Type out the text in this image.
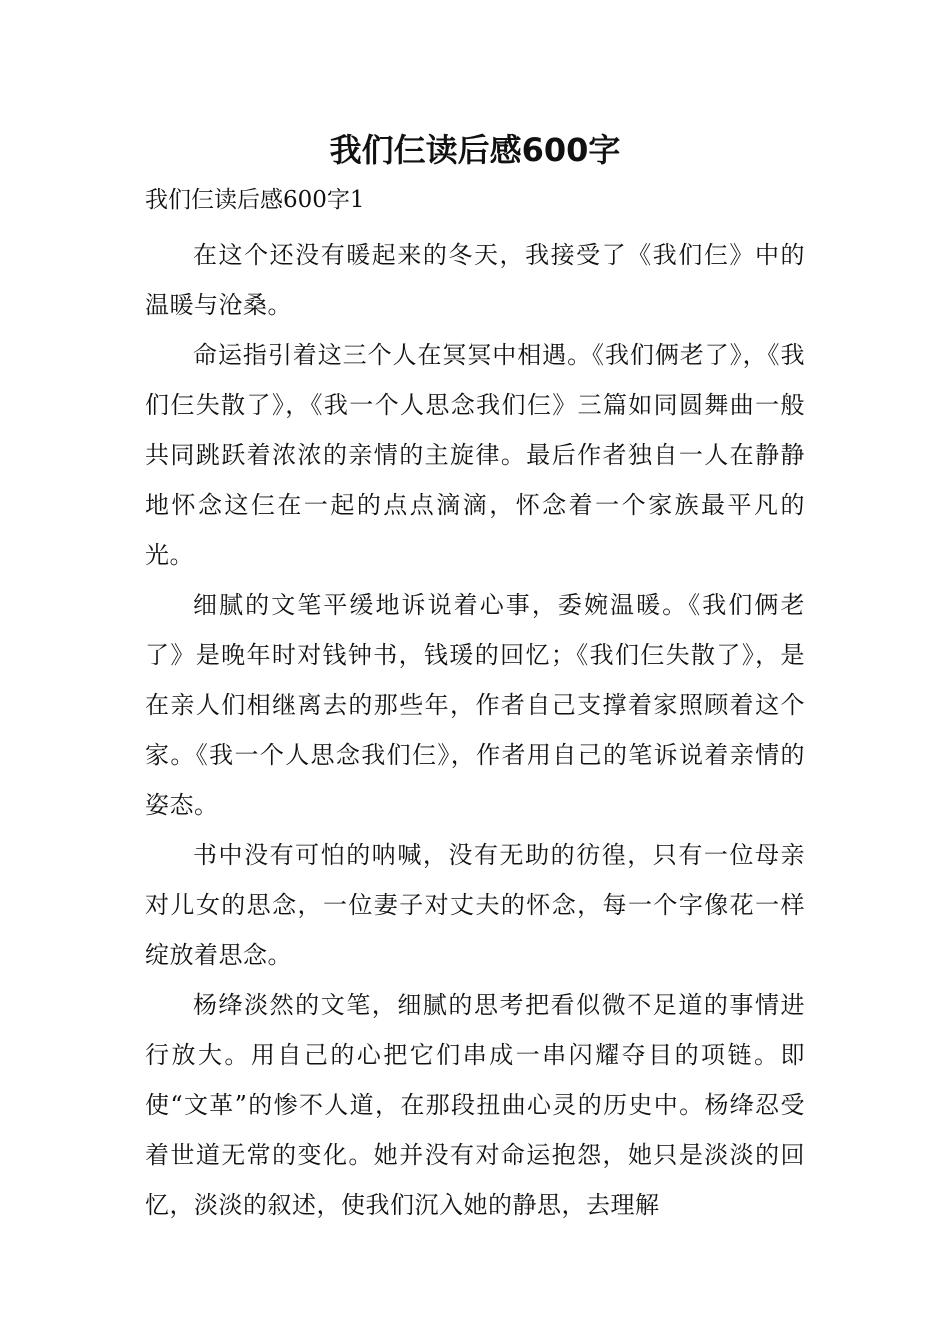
我们仨读后感600字

我们仨读后感600字1

在这个还没有暖起来的冬天，我接受了《我们仨》中的温暖与沧桑。

命运指引着这三个人在冥冥中相遇。《我们俩老了》，《我们仨失散了》，《我一个人思念我们仨》三篇如同圆舞曲一般共同跳跃着浓浓的亲情的主旋律。最后作者独自一人在静静地怀念这仨在一起的点点滴滴，怀念着一个家族最平凡的光。

细腻的文笔平缓地诉说着心事，委婉温暖。《我们俩老了》是晚年时对钱钟书，钱瑗的回忆；《我们仨失散了》，是在亲人们相继离去的那些年，作者自己支撑着家照顾着这个家。《我一个人思念我们仨》，作者用自己的笔诉说着亲情的姿态。

书中没有可怕的呐喊，没有无助的彷徨，只有一位母亲对儿女的思念，一位妻子对丈夫的怀念，每一个字像花一样绽放着思念。

杨绛淡然的文笔，细腻的思考把看似微不足道的事情进行放大。用自己的心把它们串成一串闪耀夺目的项链。即使“文革”的惨不人道，在那段扭曲心灵的历史中。杨绛忍受着世道无常的变化。她并没有对命运抱怨，她只是淡淡的回忆，淡淡的叙述，使我们沉入她的静思，去理解
